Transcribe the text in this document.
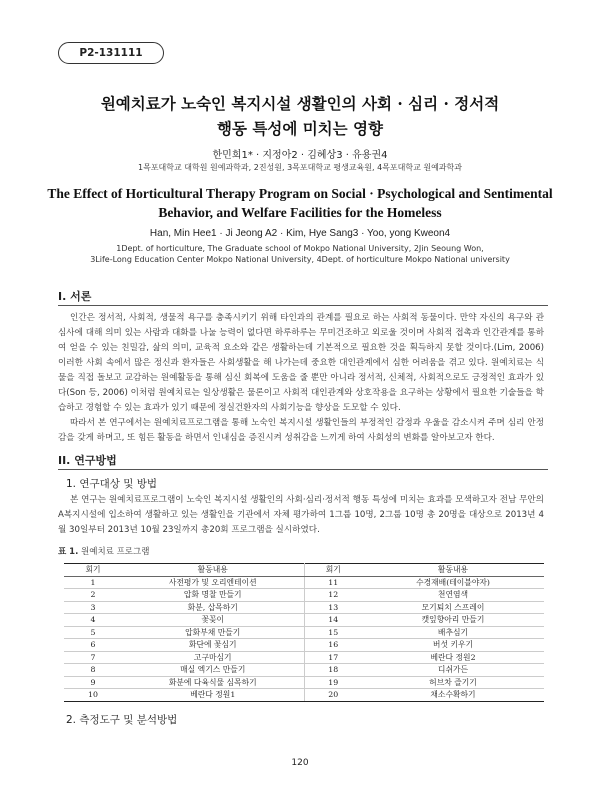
P2-131111
원예치료가 노숙인 복지시설 생활인의 사회 · 심리 · 정서적
행동 특성에 미치는 영향
한민희1* · 지정아2 · 김혜상3 · 유용권4
1목포대학교 대학원 원예과학과, 2진성원, 3목포대학교 평생교육원, 4목포대학교 원예과학과
The Effect of Horticultural Therapy Program on Social · Psychological and Sentimental
Behavior, and Welfare Facilities for the Homeless
Han, Min Hee1 · Ji Jeong A2 · Kim, Hye Sang3 · Yoo, yong Kweon4
1Dept. of horticulture, The Graduate school of Mokpo National University, 2Jin Seoung Won,
3Life-Long Education Center Mokpo National University, 4Dept. of horticulture Mokpo National university
I. 서론

인간은 정서적, 사회적, 생물적 욕구를 충족시키기 위해 타인과의 관계를 필요로 하는 사회적 동물이다. 만약 자신의 욕구와 관심사에 대해 의미 있는 사람과 대화를 나눌 능력이 없다면 하루하루는 무미건조하고 외로울 것이며 사회적 접촉과 인간관계를 통하여 얻을 수 있는 친밀감, 삶의 의미, 교육적 요소와 같은 생활하는데 기본적으로 필요한 것을 획득하지 못할 것이다.(Lim, 2006) 이러한 사회 속에서 많은 정신과 환자들은 사회생활을 해 나가는데 중요한 대인관계에서 심한 어려움을 겪고 있다. 원예치료는 식물을 직접 돌보고 교감하는 원예활동을 통해 심신 회복에 도움을 줄 뿐만 아니라 정서적, 신체적, 사회적으로도 긍정적인 효과가 있다(Son 등, 2006) 이처럼 원예치료는 일상생활은 물론이고 사회적 대인관계와 상호작용을 요구하는 상황에서 필요한 기술들을 학습하고 경험할 수 있는 효과가 있기 때문에 정실건환자의 사회기능을 향상을 도모할 수 있다.

따라서 본 연구에서는 원예치료프로그램을 통해 노숙인 복지시설 생활인들의 부정적인 감정과 우울을 감소시켜 주며 심리 안정감을 갖게 하며고, 또 힘든 활동을 하면서 인내심을 증진시켜 성취감을 느끼게 하여 사회성의 변화를 알아보고자 한다.

II. 연구방법
1. 연구대상 및 방법

본 연구는 원예치료프로그램이 노숙인 복지시설 생활인의 사회·심리·정서적 행동 특성에 미치는 효과를 모색하고자 전남 무안의 A복지시설에 입소하여 생활하고 있는 생활인을 기관에서 자체 평가하여 1그룹 10명, 2그룹 10명 총 20명을 대상으로 2013년 4월 30일부터 2013년 10월 23일까지 총20회 프로그램을 실시하였다.

표 1. 원예치료 프로그램
회기	활동내용	회기	활동내용
1	사전평가 및 오리엔테이션	11	수경재배(테이블야자)
2	압화 명찰 만들기	12	천연염색
3	화분, 삽목하기	13	모기퇴치 스프레이
4	꽃꽂이	14	캣잎향아리 만들기
5	압화부채 만들기	15	배추심기
6	화단에 꽃심기	16	버섯 키우기
7	고구마심기	17	베란다 정원2
8	매실 엑기스 만들기	18	디쉬가든
9	화분에 다육식물 심목하기	19	허브차 즐기기
10	베란다 정원1	20	채소수확하기
2. 측정도구 및 분석방법
120
